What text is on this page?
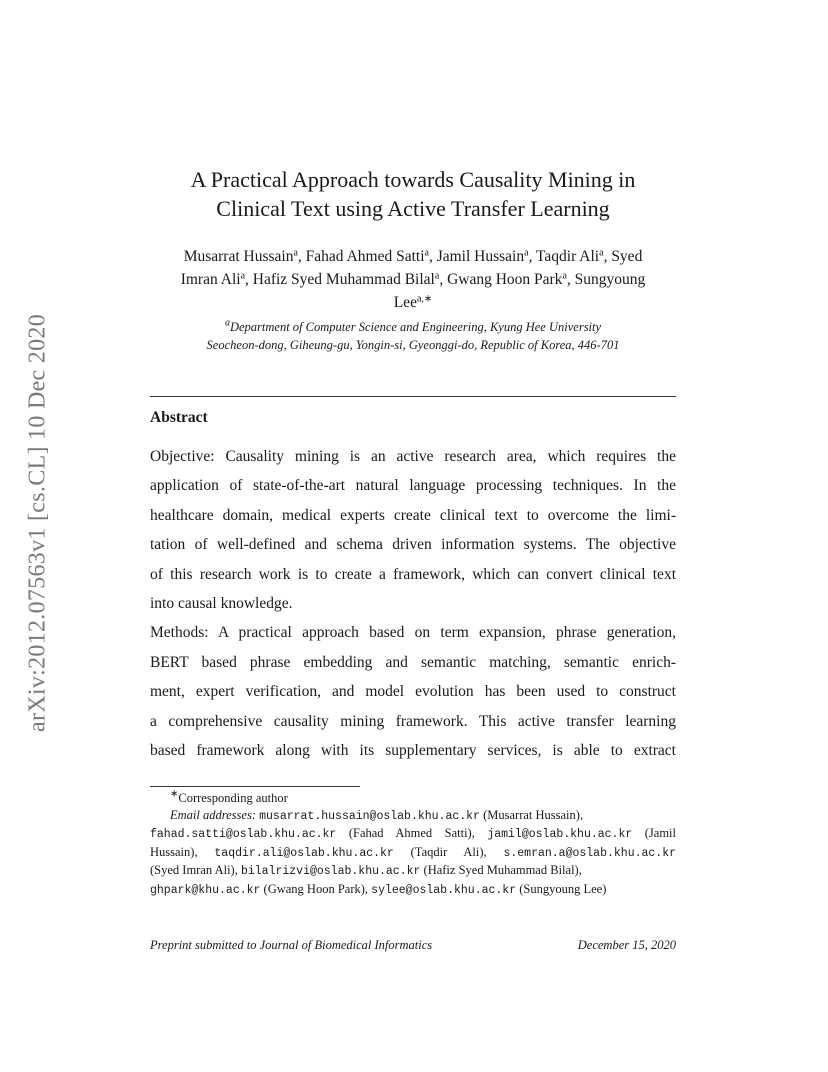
arXiv:2012.07563v1 [cs.CL] 10 Dec 2020
A Practical Approach towards Causality Mining in
Clinical Text using Active Transfer Learning
Musarrat Hussain$^a$, Fahad Ahmed Satti$^a$, Jamil Hussain$^a$, Taqdir Ali$^a$, Syed
Imran Ali$^a$, Hafiz Syed Muhammad Bilal$^a$, Gwang Hoon Park$^a$, Sungyoung
Lee$^{a,∗}$
$^a$Department of Computer Science and Engineering, Kyung Hee University
Seocheon-dong, Giheung-gu, Yongin-si, Gyeonggi-do, Republic of Korea, 446-701
Abstract
Objective: Causality mining is an active research area, which requires the
application of state-of-the-art natural language processing techniques. In the
healthcare domain, medical experts create clinical text to overcome the limi-
tation of well-defined and schema driven information systems. The objective
of this research work is to create a framework, which can convert clinical text
into causal knowledge.
Methods: A practical approach based on term expansion, phrase generation,
BERT based phrase embedding and semantic matching, semantic enrich-
ment, expert verification, and model evolution has been used to construct
a comprehensive causality mining framework. This active transfer learning
based framework along with its supplementary services, is able to extract
∗Corresponding author
Email addresses: musarrat.hussain@oslab.khu.ac.kr (Musarrat Hussain),
fahad.satti@oslab.khu.ac.kr (Fahad Ahmed Satti), jamil@oslab.khu.ac.kr (Jamil
Hussain), taqdir.ali@oslab.khu.ac.kr (Taqdir Ali), s.emran.a@oslab.khu.ac.kr
(Syed Imran Ali), bilalrizvi@oslab.khu.ac.kr (Hafiz Syed Muhammad Bilal),
ghpark@khu.ac.kr (Gwang Hoon Park), sylee@oslab.khu.ac.kr (Sungyoung Lee)
Preprint submitted to Journal of Biomedical Informatics	December 15, 2020
